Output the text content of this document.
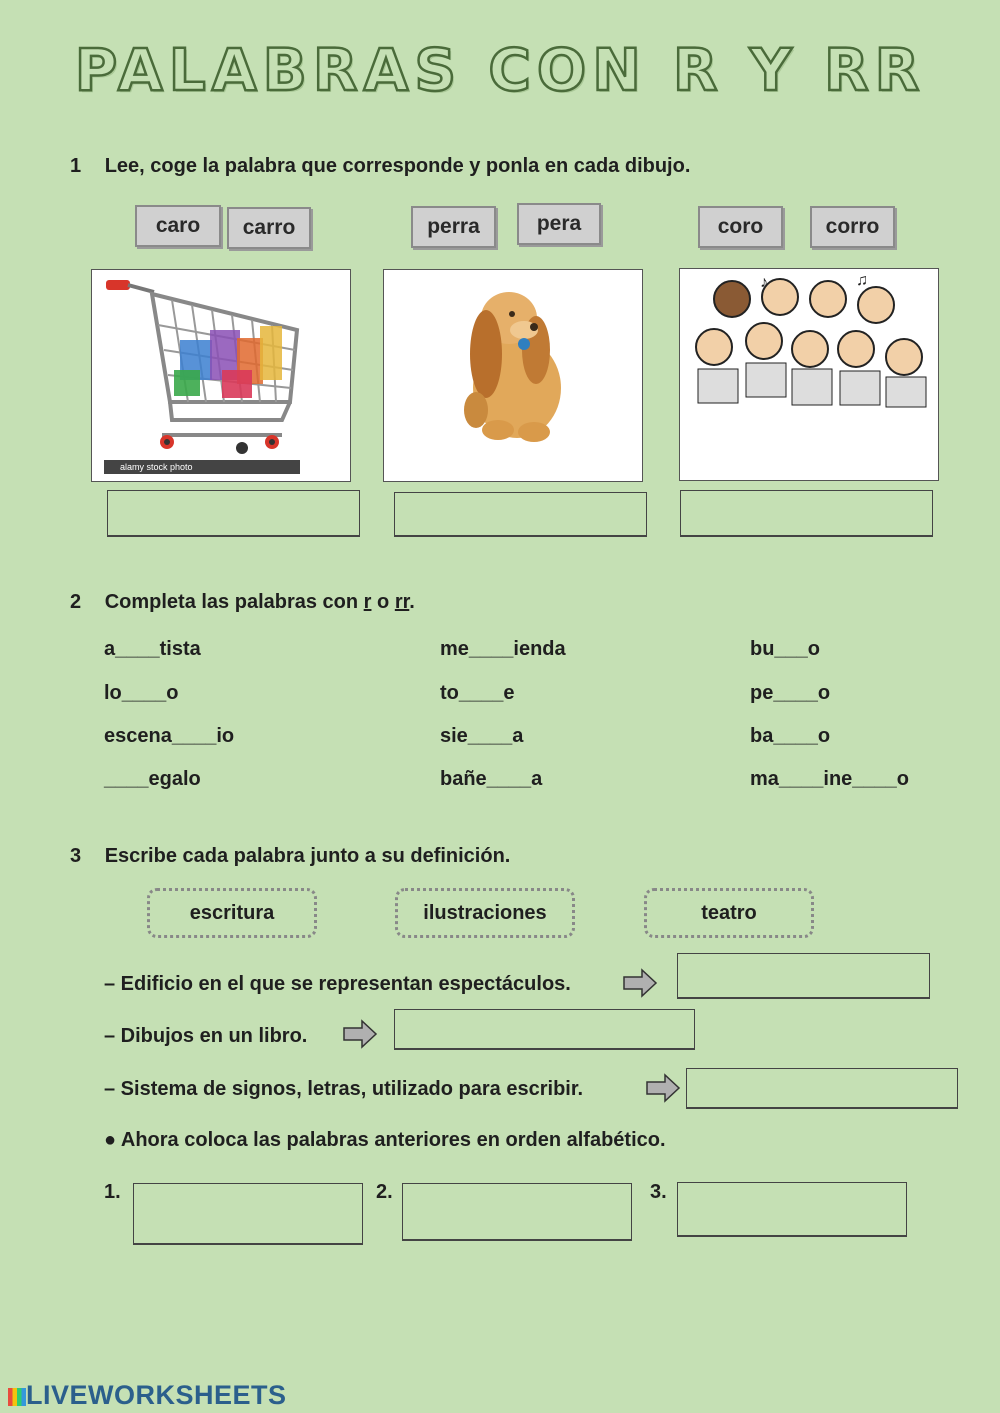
PALABRAS CON R Y RR
1 Lee, coge la palabra que corresponde y ponla en cada dibujo.
caro	carro	perra	pera	coro	corro
alamy stock photo
♪	♫
2 Completa las palabras con r o rr.
a____tista	me____ienda	bu___o
lo____o	to____e	pe____o
escena____io	sie____a	ba____o
____egalo	bañe____a	ma____ine____o
3 Escribe cada palabra junto a su definición.
escritura	ilustraciones	teatro
– Edificio en el que se representan espectáculos.
– Dibujos en un libro.
– Sistema de signos, letras, utilizado para escribir.
● Ahora coloca las palabras anteriores en orden alfabético.
1.	2.	3.
LIVEWORKSHEETS
